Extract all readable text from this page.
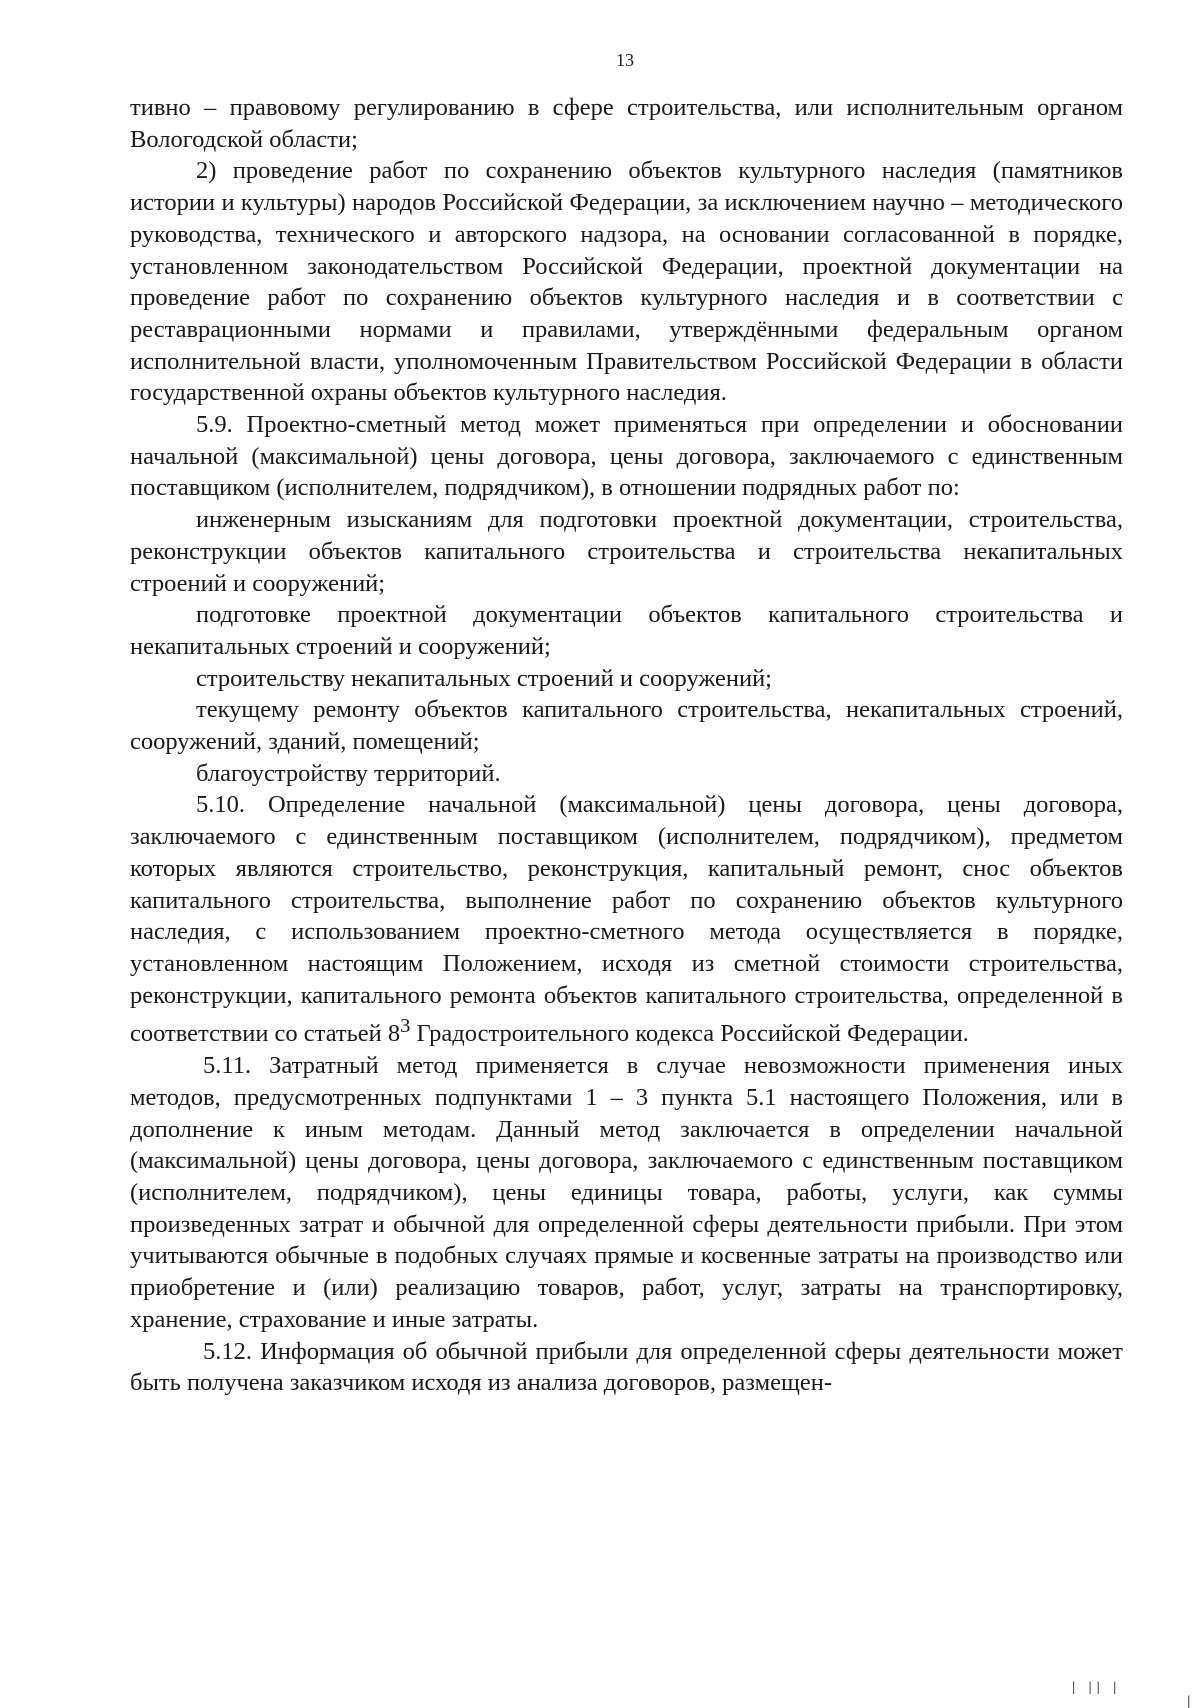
13

тивно – правовому регулированию в сфере строительства, или исполнительным органом Вологодской области;

2) проведение работ по сохранению объектов культурного наследия (памятников истории и культуры) народов Российской Федерации, за исключением научно – методического руководства, технического и авторского надзора, на основании согласованной в порядке, установленном законодательством Российской Федерации, проектной документации на проведение работ по сохранению объектов культурного наследия и в соответствии с реставрационными нормами и правилами, утверждёнными федеральным органом исполнительной власти, уполномоченным Правительством Российской Федерации в области государственной охраны объектов культурного наследия.

5.9. Проектно-сметный метод может применяться при определении и обосновании начальной (максимальной) цены договора, цены договора, заключаемого с единственным поставщиком (исполнителем, подрядчиком), в отношении подрядных работ по:

инженерным изысканиям для подготовки проектной документации, строительства, реконструкции объектов капитального строительства и строительства некапитальных строений и сооружений;

подготовке проектной документации объектов капитального строительства и некапитальных строений и сооружений;

строительству некапитальных строений и сооружений;

текущему ремонту объектов капитального строительства, некапитальных строений, сооружений, зданий, помещений;

благоустройству территорий.

5.10. Определение начальной (максимальной) цены договора, цены договора, заключаемого с единственным поставщиком (исполнителем, подрядчиком), предметом которых являются строительство, реконструкция, капитальный ремонт, снос объектов капитального строительства, выполнение работ по сохранению объектов культурного наследия, с использованием проектно-сметного метода осуществляется в порядке, установленном настоящим Положением, исходя из сметной стоимости строительства, реконструкции, капитального ремонта объектов капитального строительства, определенной в соответствии со статьей $8^3$ Градостроительного кодекса Российской Федерации.

5.11. Затратный метод применяется в случае невозможности применения иных методов, предусмотренных подпунктами 1 – 3 пункта 5.1 настоящего Положения, или в дополнение к иным методам. Данный метод заключается в определении начальной (максимальной) цены договора, цены договора, заключаемого с единственным поставщиком (исполнителем, подрядчиком), цены единицы товара, работы, услуги, как суммы произведенных затрат и обычной для определенной сферы деятельности прибыли. При этом учитываются обычные в подобных случаях прямые и косвенные затраты на производство или приобретение и (или) реализацию товаров, работ, услуг, затраты на транспортировку, хранение, страхование и иные затраты.

5.12. Информация об обычной прибыли для определенной сферы деятельности может быть получена заказчиком исходя из анализа договоров, размещен-

| || |              |
